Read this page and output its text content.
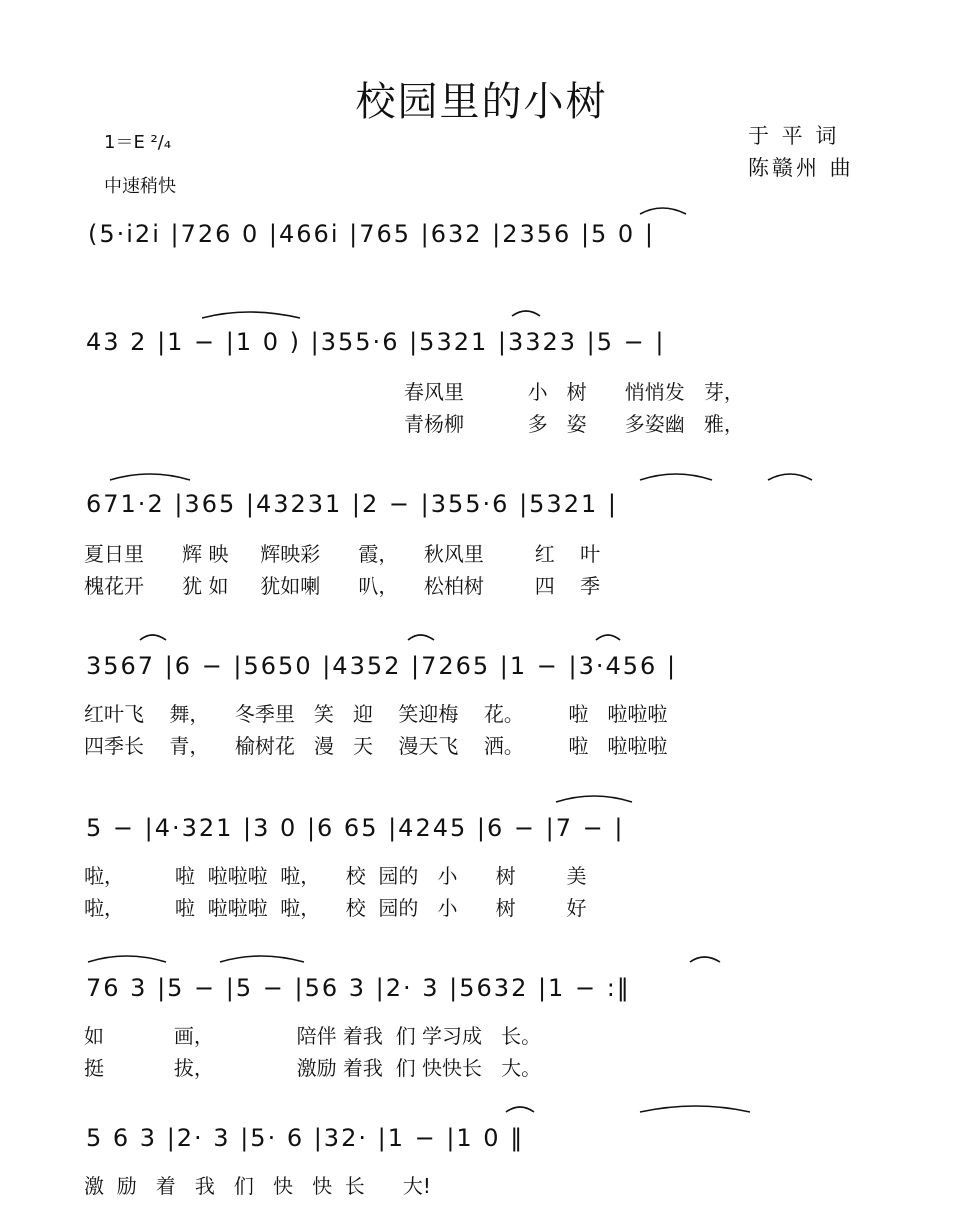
校园里的小树
1＝E ²/₄
中速稍快
于 平 词
陈赣州 曲
(5·i2i |726 0 |466i |765 |632 |2356 |5 0 |
43 2 |1 − |1 0 ) |355·6 |5321 |3323 |5 − |
春风里          小   树      悄悄发   芽，
青杨柳          多   姿      多姿幽   雅，
671·2 |365 |43231 |2 − |355·6 |5321 |
夏日里      辉 映     辉映彩      霞，    秋风里        红    叶
槐花开      犹 如     犹如喇      叭，    松柏树        四    季
3567 |6 − |5650 |4352 |7265 |1 − |3·456 |
红叶飞    舞，    冬季里   笑   迎    笑迎梅    花。       啦   啦啦啦
四季长    青，    榆树花   漫   天    漫天飞    洒。       啦   啦啦啦
5 − |4·321 |3 0 |6 65 |4245 |6 − |7 − |
啦，        啦  啦啦啦  啦，    校  园的   小      树        美
啦，        啦  啦啦啦  啦，    校  园的   小      树        好
76 3 |5 − |5 − |56 3 |2· 3 |5632 |1 − :‖
如           画，             陪伴 着我  们 学习成   长。
挺           拔，             激励 着我  们 快快长   大。
5 6 3 |2· 3 |5· 6 |32· |1 − |1 0 ‖
激  励   着   我   们   快   快  长      大!
